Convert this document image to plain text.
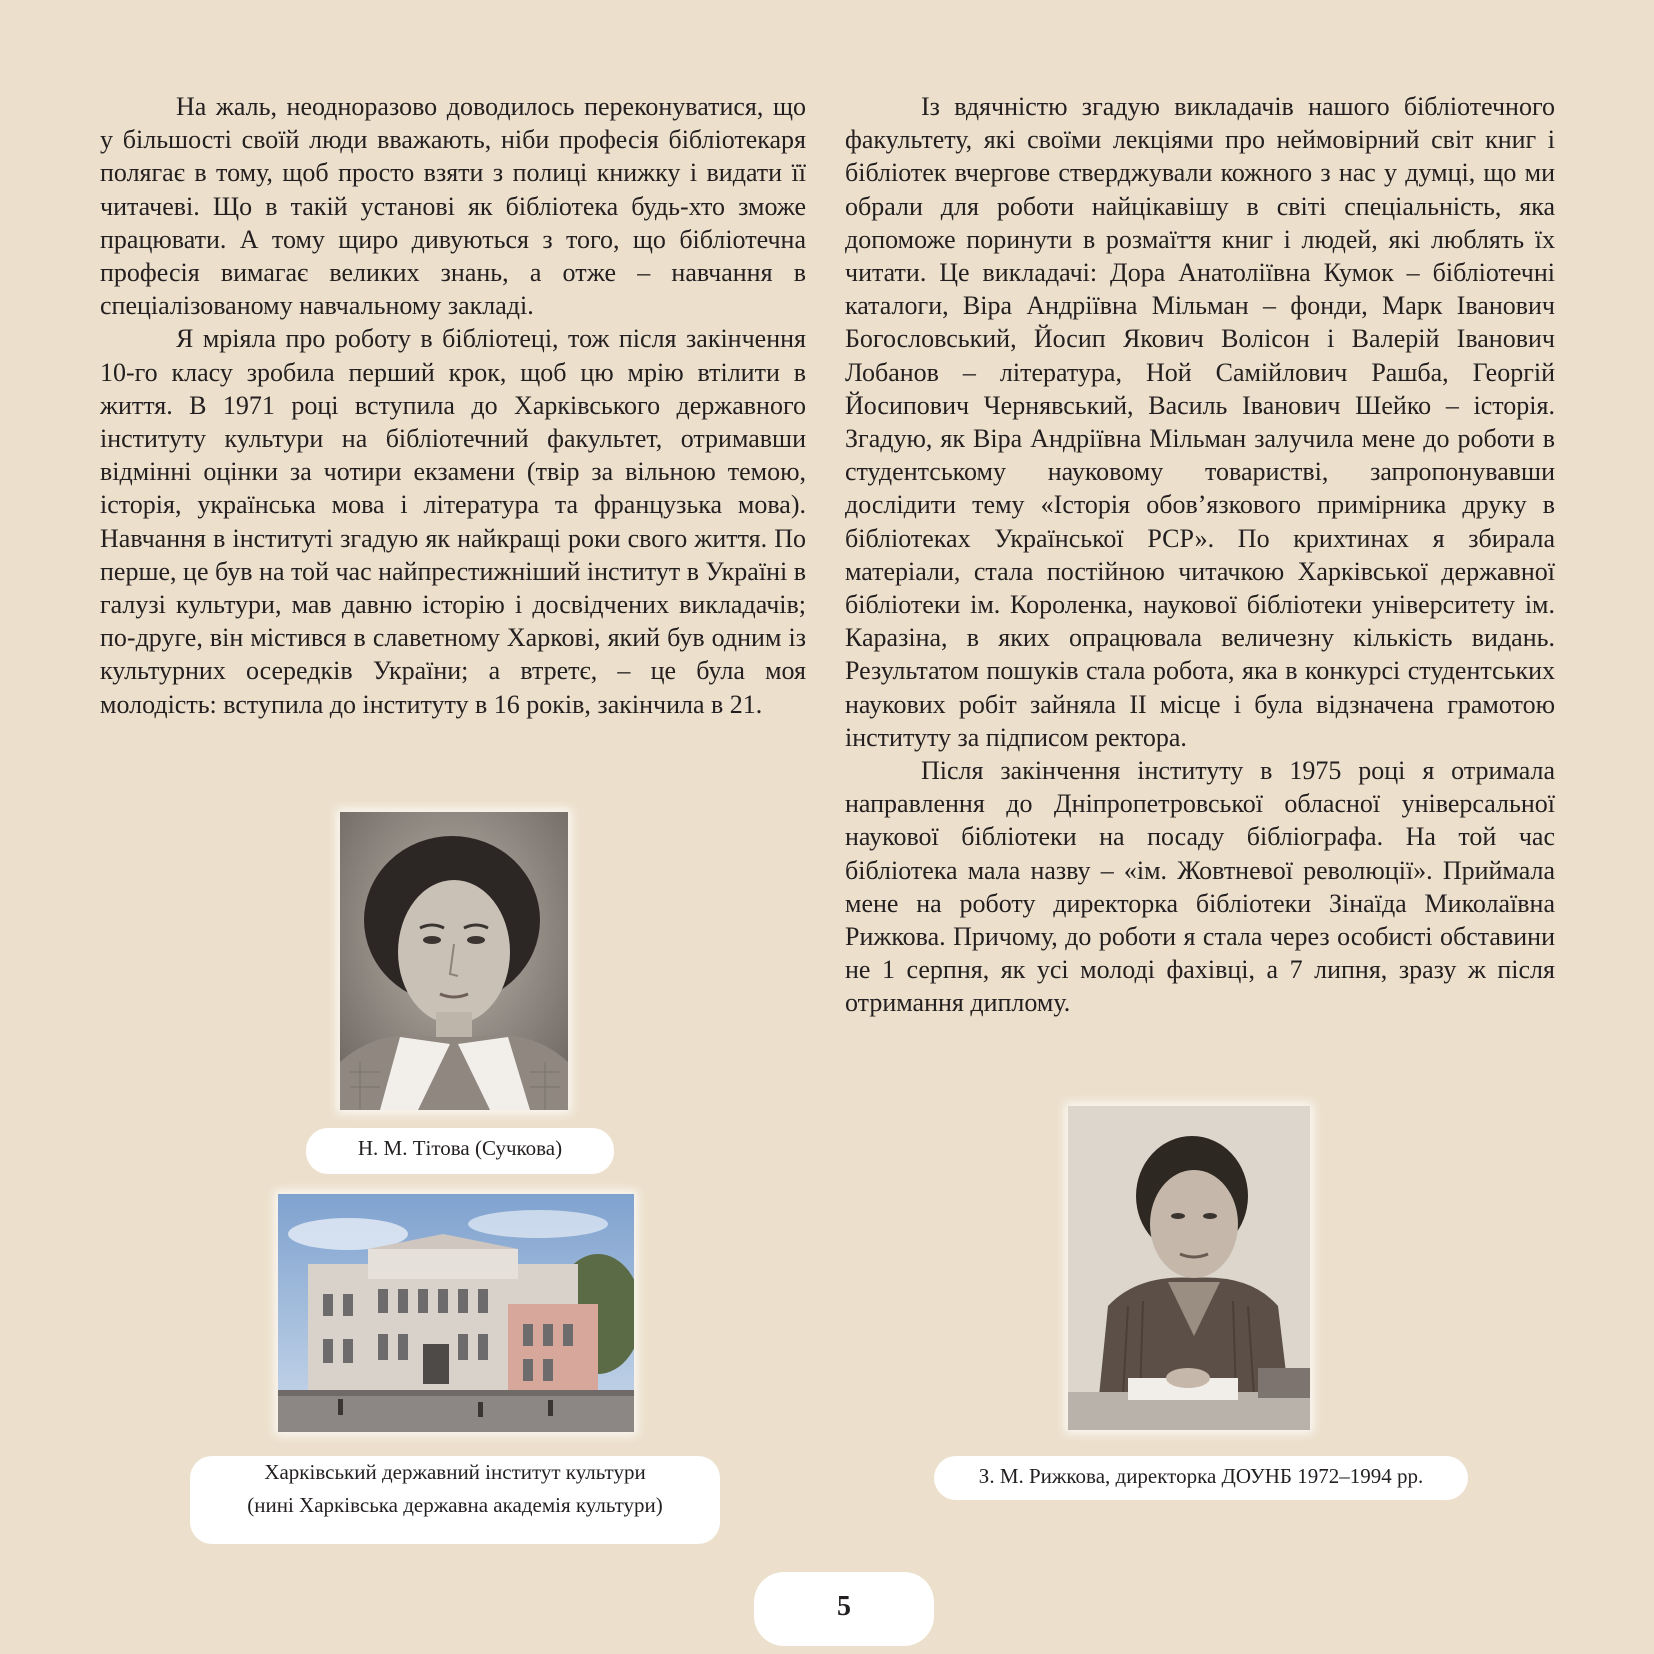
На жаль, неодноразово доводилось переконуватися, що у більшості своїй люди вважають, ніби професія бібліотекаря полягає в тому, щоб просто взяти з полиці книжку і видати її читачеві. Що в такій установі як бібліотека будь-хто зможе працювати. А тому щиро дивуються з того, що бібліотечна професія вимагає великих знань, а отже – навчання в спеціалізованому навчальному закладі.

Я мріяла про роботу в бібліотеці, тож після закінчення 10-го класу зробила перший крок, щоб цю мрію втілити в життя. В 1971 році вступила до Харківського державного інституту культури на бібліотечний факультет, отримавши відмінні оцінки за чотири екзамени (твір за вільною темою, історія, українська мова і література та французька мова). Навчання в інституті згадую як найкращі роки свого життя. По перше, це був на той час найпрестижніший інститут в Україні в галузі культури, мав давню історію і досвідчених викладачів; по-друге, він містився в славетному Харкові, який був одним із культурних осередків України; а втретє, – це була моя молодість: вступила до інституту в 16 років, закінчила в 21.

Із вдячністю згадую викладачів нашого бібліотечного факультету, які своїми лекціями про неймовірний світ книг і бібліотек вчергове стверджували кожного з нас у думці, що ми обрали для роботи найцікавішу в світі спеціальність, яка допоможе поринути в розмаїття книг і людей, які люблять їх читати. Це викладачі: Дора Анатоліївна Кумок – бібліотечні каталоги, Віра Андріївна Мільман – фонди, Марк Іванович Богословський, Йосип Якович Волісон і Валерій Іванович Лобанов – література, Ной Самійлович Рашба, Георгій Йосипович Чернявський, Василь Іванович Шейко – історія. Згадую, як Віра Андріївна Мільман залучила мене до роботи в студентському науковому товаристві, запропонувавши дослідити тему «Історія обов’язкового примірника друку в бібліотеках Української РСР». По крихтинах я збирала матеріали, стала постійною читачкою Харківської державної бібліотеки ім. Короленка, наукової бібліотеки університету ім. Каразіна, в яких опрацювала величезну кількість видань. Результатом пошуків стала робота, яка в конкурсі студентських наукових робіт зайняла ІІ місце і була відзначена грамотою інституту за підписом ректора.

Після закінчення інституту в 1975 році я отримала направлення до Дніпропетровської обласної універсальної наукової бібліотеки на посаду бібліографа. На той час бібліотека мала назву – «ім. Жовтневої революції». Приймала мене на роботу директорка бібліотеки Зінаїда Миколаївна Рижкова. Причому, до роботи я стала через особисті обставини не 1 серпня, як усі молоді фахівці, а 7 липня, зразу ж після отримання диплому.

Н. М. Тітова (Сучкова)
Харківський державний інститут культури
(нині Харківська державна академія культури)
З. М. Рижкова, директорка ДОУНБ 1972–1994 рр.
5
